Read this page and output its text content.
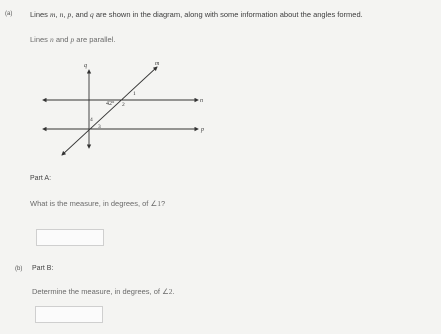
(a) Lines m, n, p, and q are shown in the diagram, along with some information about the angles formed.
Lines n and p are parallel.
q	m
n
p
42°
1
2
3
4
Part A:
What is the measure, in degrees, of ∠1?
(b) Part B:
Determine the measure, in degrees, of ∠2.
